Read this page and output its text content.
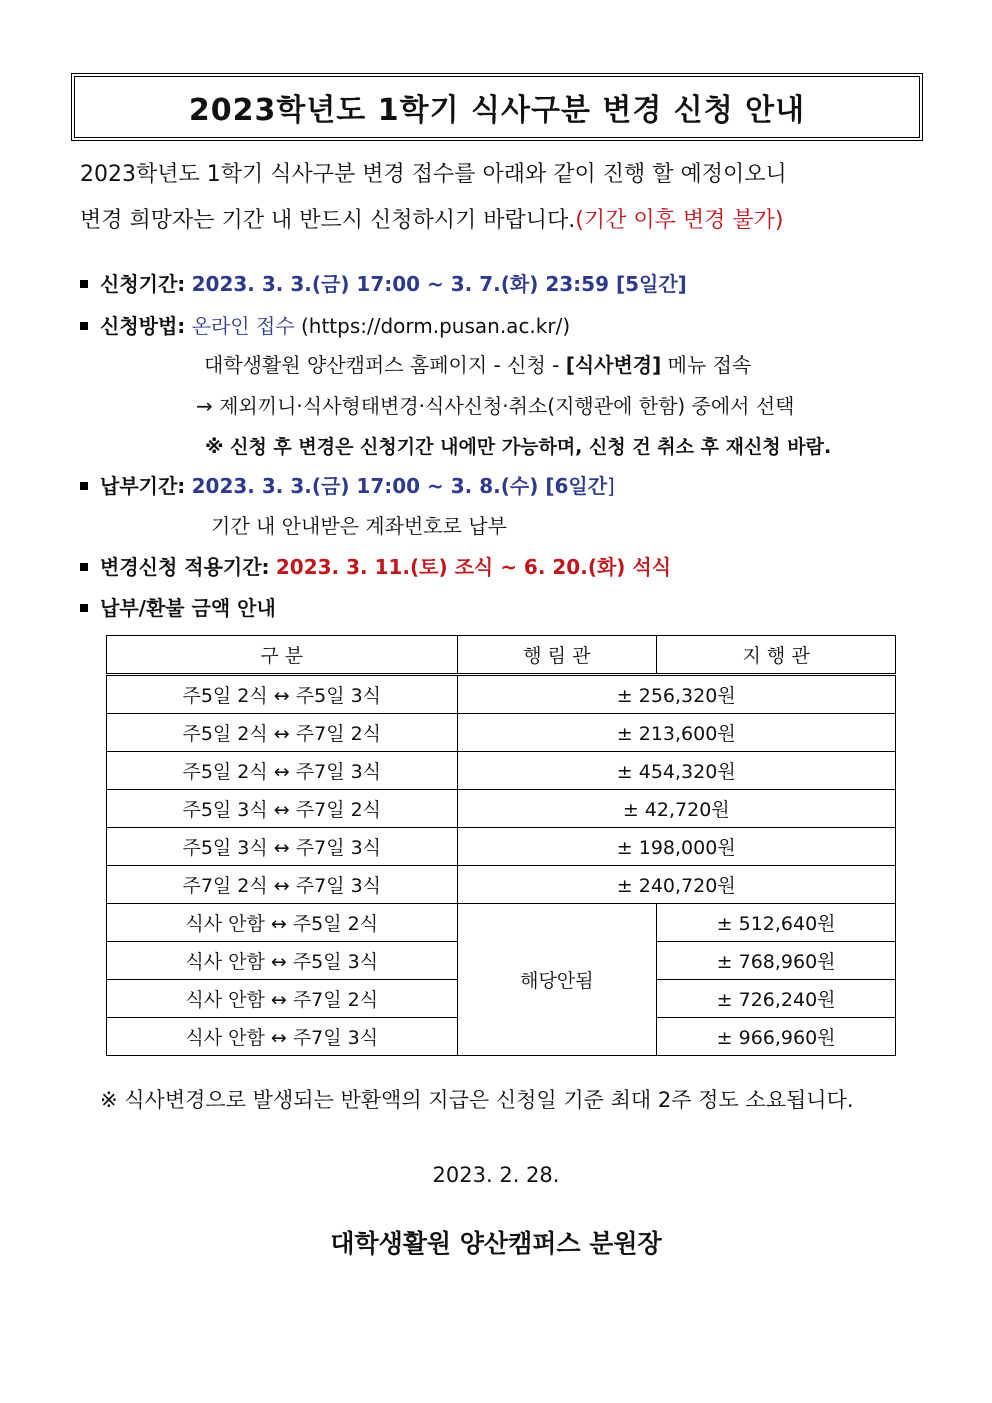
2023학년도 1학기 식사구분 변경 신청 안내
2023학년도 1학기 식사구분 변경 접수를 아래와 같이 진행 할 예정이오니
변경 희망자는 기간 내 반드시 신청하시기 바랍니다.(기간 이후 변경 불가)
신청기간: 2023. 3. 3.(금) 17:00 ~ 3. 7.(화) 23:59 [5일간]
신청방법: 온라인 접수 (https://dorm.pusan.ac.kr/)
대학생활원 양산캠퍼스 홈페이지 - 신청 - [식사변경] 메뉴 접속
→ 제외끼니·식사형태변경·식사신청·취소(지행관에 한함) 중에서 선택
※ 신청 후 변경은 신청기간 내에만 가능하며, 신청 건 취소 후 재신청 바람.
납부기간: 2023. 3. 3.(금) 17:00 ~ 3. 8.(수) [6일간]
기간 내 안내받은 계좌번호로 납부
변경신청 적용기간: 2023. 3. 11.(토) 조식 ~ 6. 20.(화) 석식
납부/환불 금액 안내
구 분	행 림 관	지 행 관
주5일 2식 ↔ 주5일 3식	± 256,320원	
주5일 2식 ↔ 주7일 2식	± 213,600원	
주5일 2식 ↔ 주7일 3식	± 454,320원	
주5일 3식 ↔ 주7일 2식	± 42,720원	
주5일 3식 ↔ 주7일 3식	± 198,000원	
주7일 2식 ↔ 주7일 3식	± 240,720원	
식사 안함 ↔ 주5일 2식	해당안됨	± 512,640원
식사 안함 ↔ 주5일 3식		± 768,960원
식사 안함 ↔ 주7일 2식		± 726,240원
식사 안함 ↔ 주7일 3식		± 966,960원
※ 식사변경으로 발생되는 반환액의 지급은 신청일 기준 최대 2주 정도 소요됩니다.
2023. 2. 28.
대학생활원 양산캠퍼스 분원장
